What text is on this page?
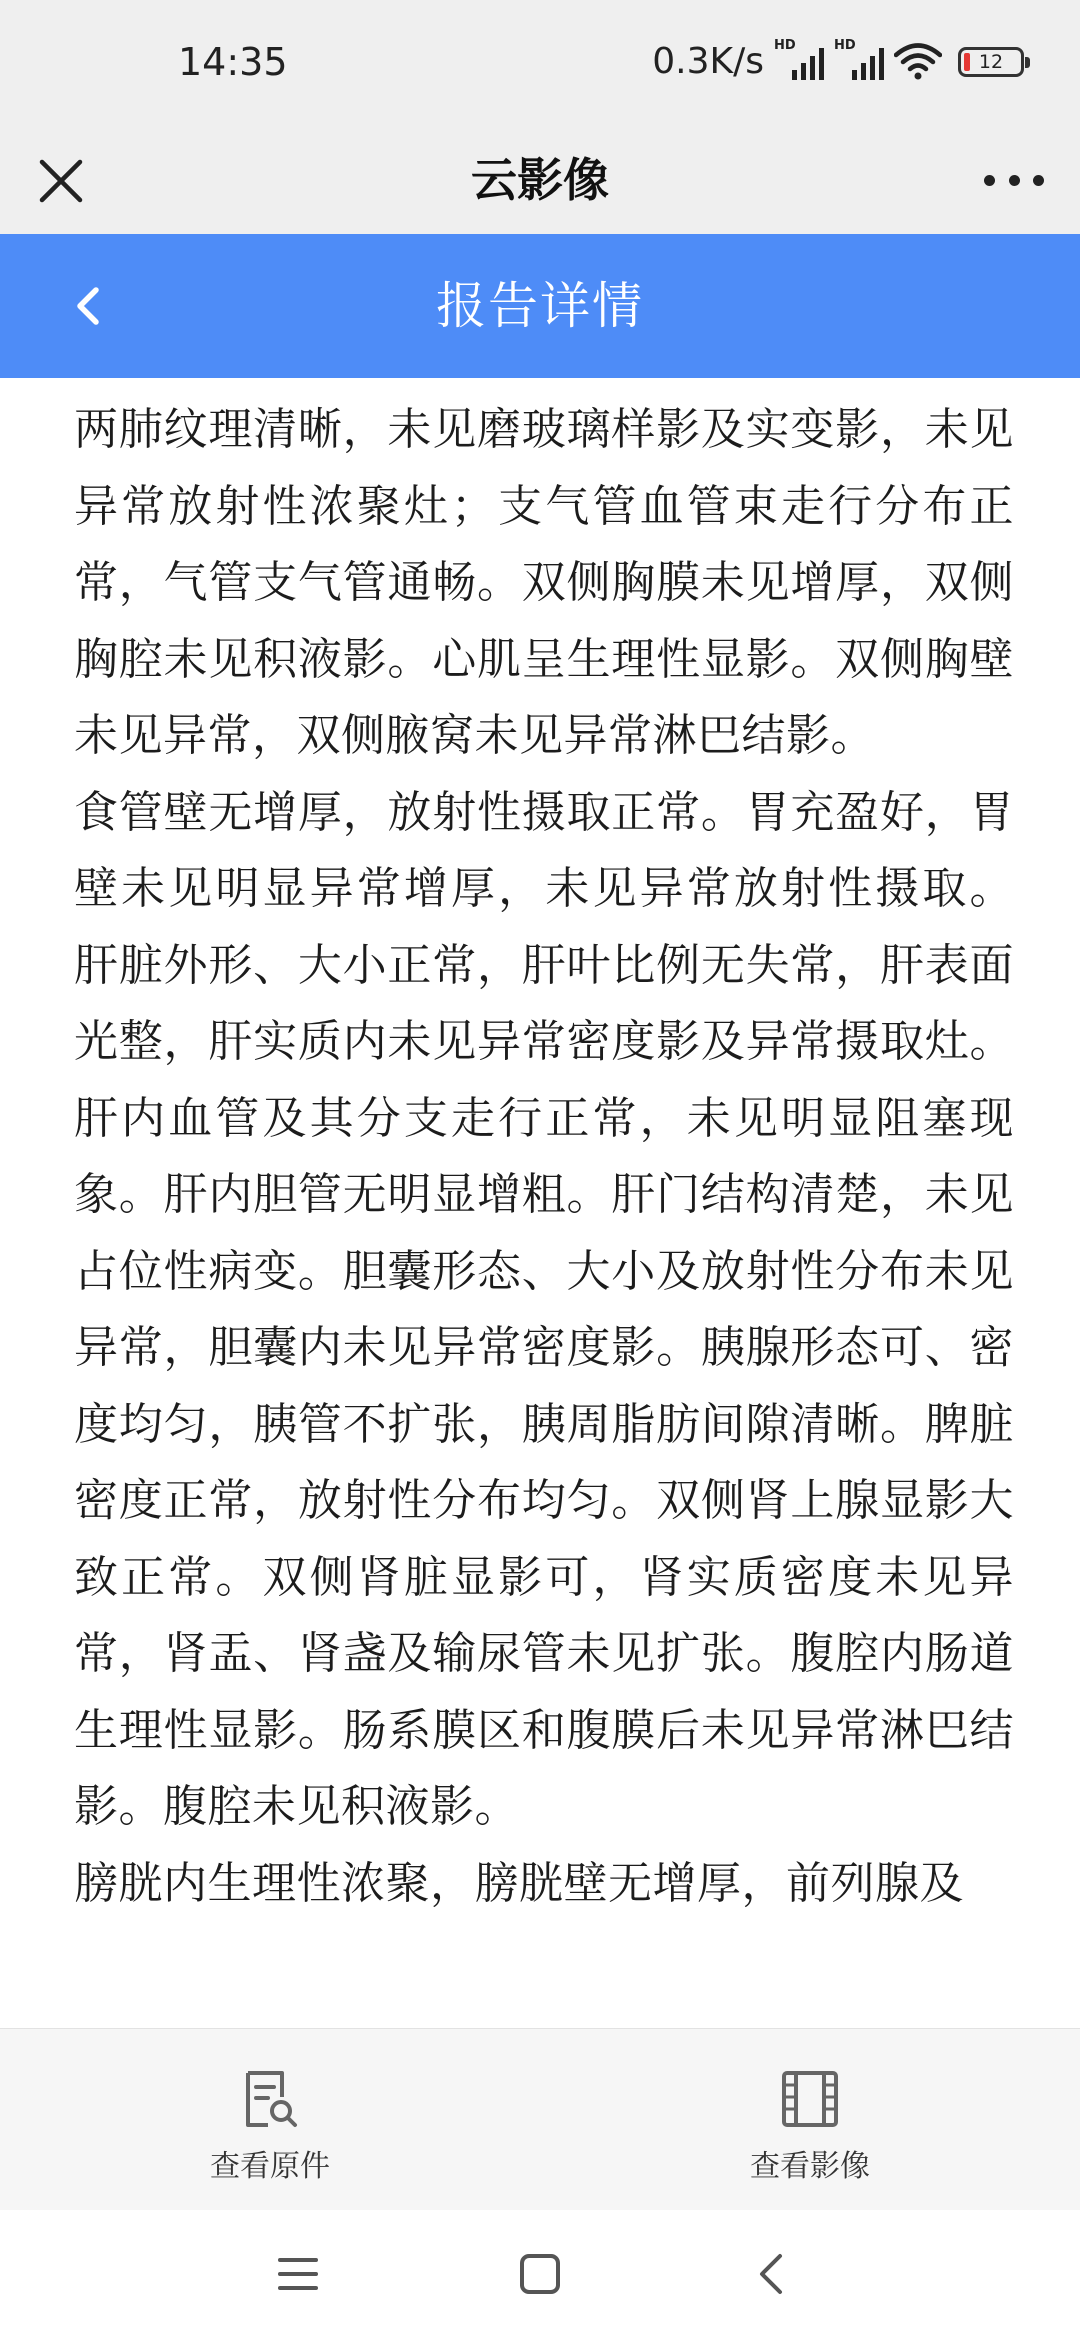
14:35	0.3K/s HD	HD
12
云影像
报告详情

两肺纹理清晰，未见磨玻璃样影及实变影，未见异常放射性浓聚灶；支气管血管束走行分布正常，气管支气管通畅。双侧胸膜未见增厚，双侧胸腔未见积液影。心肌呈生理性显影。双侧胸壁未见异常，双侧腋窝未见异常淋巴结影。

食管壁无增厚，放射性摄取正常。胃充盈好，胃壁未见明显异常增厚，未见异常放射性摄取。 肝脏外形、大小正常，肝叶比例无失常，肝表面光整，肝实质内未见异常密度影及异常摄取灶。肝内血管及其分支走行正常，未见明显阻塞现象。肝内胆管无明显增粗。肝门结构清楚，未见占位性病变。胆囊形态、大小及放射性分布未见异常，胆囊内未见异常密度影。胰腺形态可、密度均匀，胰管不扩张，胰周脂肪间隙清晰。脾脏密度正常，放射性分布均匀。双侧肾上腺显影大致正常。双侧肾脏显影可，肾实质密度未见异常，肾盂、肾盏及输尿管未见扩张。腹腔内肠道生理性显影。肠系膜区和腹膜后未见异常淋巴结影。腹腔未见积液影。

膀胱内生理性浓聚，膀胱壁无增厚，前列腺及

查看原件	查看影像
